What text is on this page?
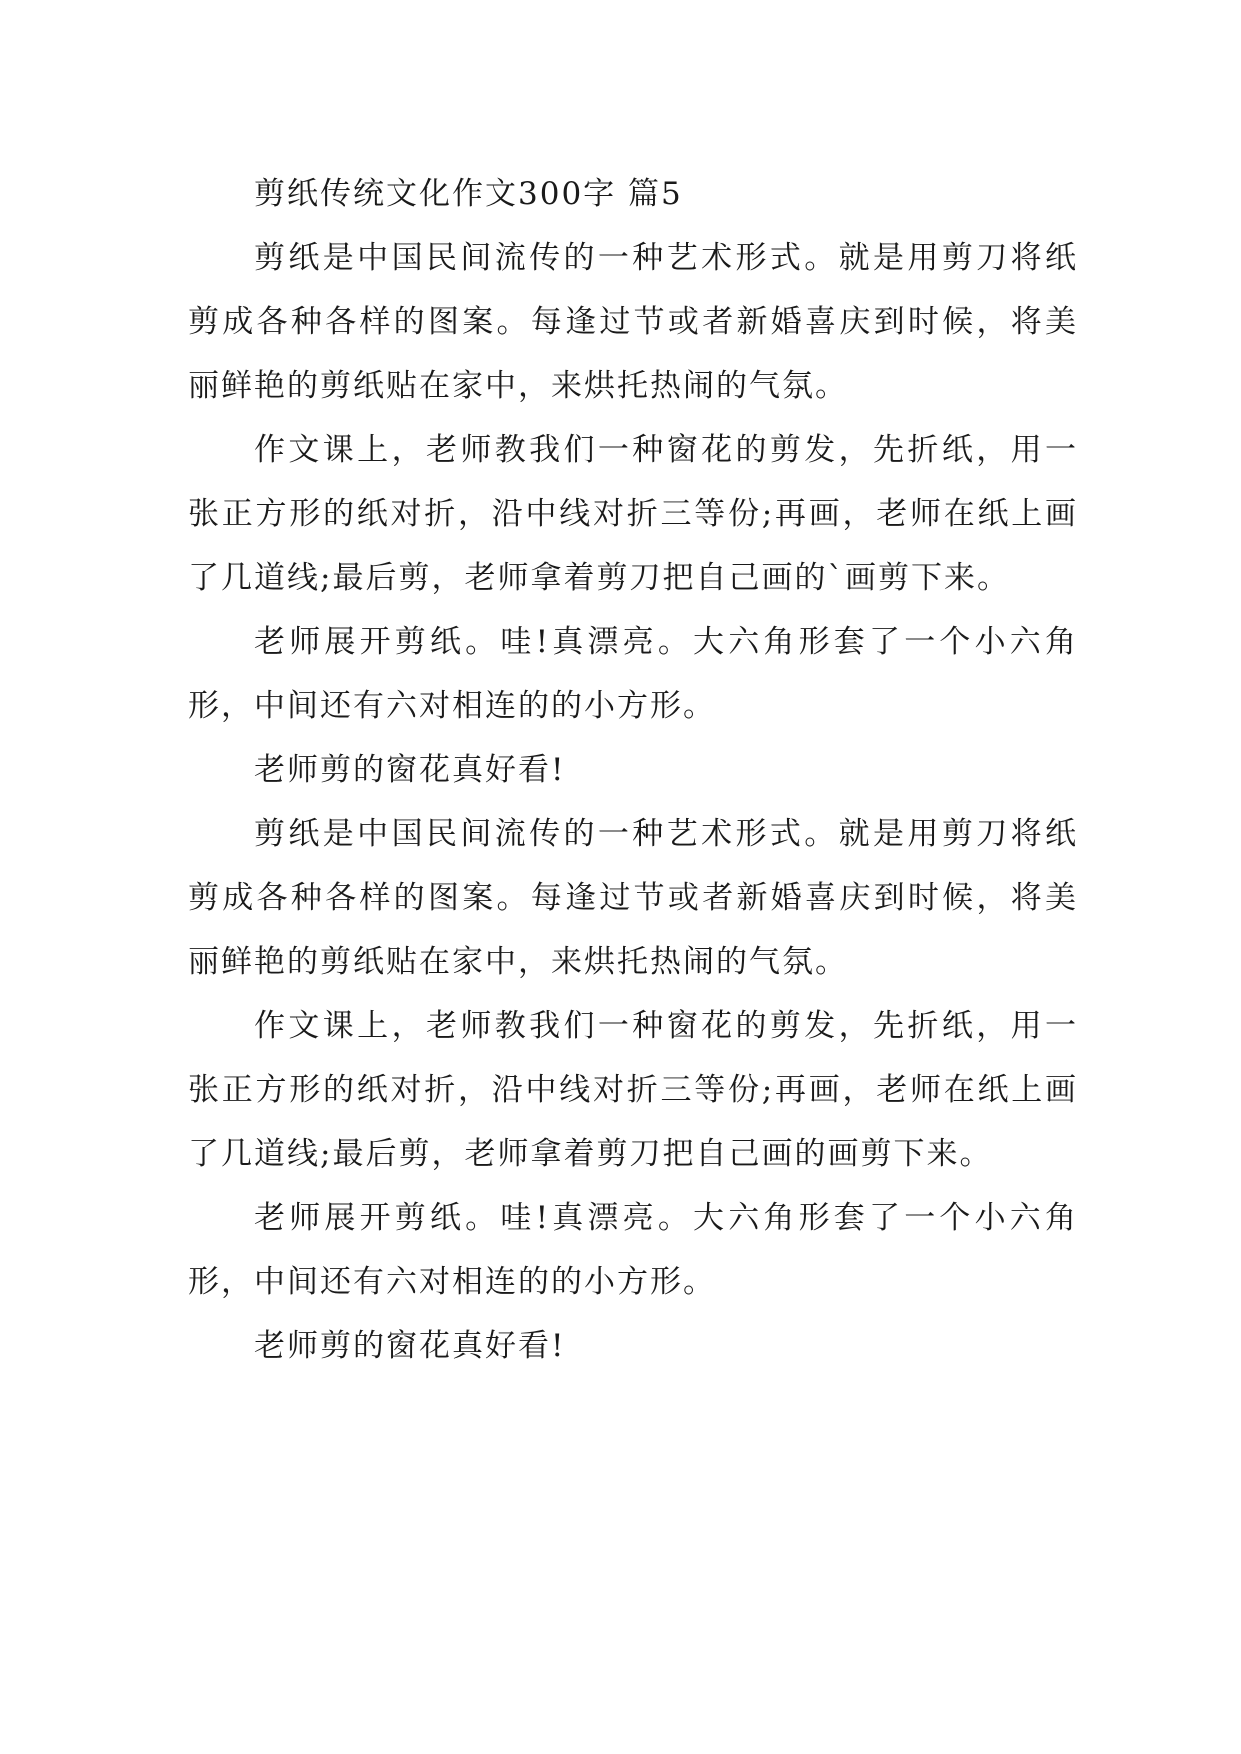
剪纸传统文化作文300字 篇5

剪纸是中国民间流传的一种艺术形式。就是用剪刀将纸剪成各种各样的图案。每逢过节或者新婚喜庆到时候，将美丽鲜艳的剪纸贴在家中，来烘托热闹的气氛。

作文课上，老师教我们一种窗花的剪发，先折纸，用一张正方形的纸对折，沿中线对折三等份;再画，老师在纸上画了几道线;最后剪，老师拿着剪刀把自己画的`画剪下来。

老师展开剪纸。哇!真漂亮。大六角形套了一个小六角形，中间还有六对相连的的小方形。

老师剪的窗花真好看!

剪纸是中国民间流传的一种艺术形式。就是用剪刀将纸剪成各种各样的图案。每逢过节或者新婚喜庆到时候，将美丽鲜艳的剪纸贴在家中，来烘托热闹的气氛。

作文课上，老师教我们一种窗花的剪发，先折纸，用一张正方形的纸对折，沿中线对折三等份;再画，老师在纸上画了几道线;最后剪，老师拿着剪刀把自己画的画剪下来。

老师展开剪纸。哇!真漂亮。大六角形套了一个小六角形，中间还有六对相连的的小方形。

老师剪的窗花真好看!
